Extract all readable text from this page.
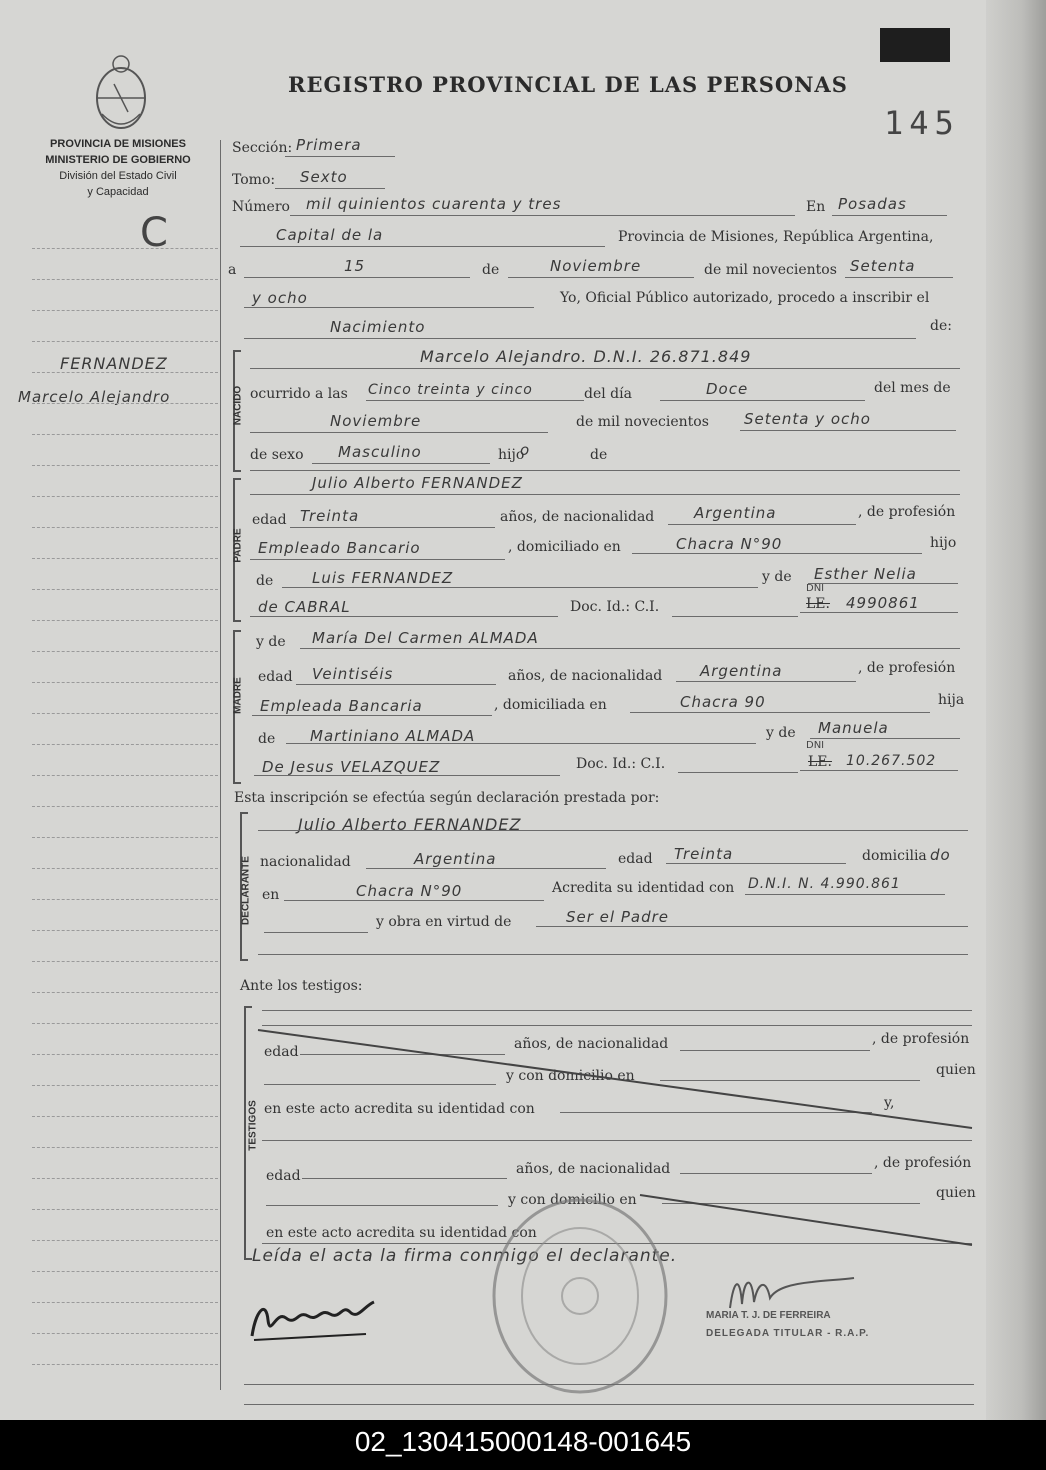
REGISTRO PROVINCIAL DE LAS PERSONAS
145
PROVINCIA DE MISIONES
MINISTERIO DE GOBIERNO
División del Estado Civil
y Capacidad
C
FERNANDEZ
Marcelo Alejandro
Sección: Primera
Tomo: Sexto
Número mil quinientos cuarenta y tres	En Posadas
Capital de la	Provincia de Misiones, República Argentina,
a	15	de	Noviembre	de mil novecientos Setenta
y ocho	Yo, Oficial Público autorizado, procedo a inscribir el
Nacimiento	de:
NACIDO
Marcelo Alejandro. D.N.I. 26.871.849
ocurrido a las Cinco treinta y cinco	del día	Doce	del mes de
Noviembre	de mil novecientos Setenta y ocho
de sexo Masculino	hijo
o	de
PADRE
Julio Alberto FERNANDEZ
edad Treinta	años, de nacionalidad	Argentina	, de profesión
Empleado Bancario	, domiciliado en	Chacra N°90	hijo
de	Luis FERNANDEZ	y de Esther Nelia
de CABRAL	Doc. Id.: C.I.
DNI
LE. 4990861
MADRE
y de María Del Carmen ALMADA
edad Veintiséis	años, de nacionalidad	Argentina	, de profesión
Empleada Bancaria	, domiciliada en	Chacra 90	hija
de Martiniano ALMADA	y de Manuela
De Jesus VELAZQUEZ	Doc. Id.: C.I.
DNI
LE. 10.267.502
Esta inscripción se efectúa según declaración prestada por:
DECLARANTE
Julio Alberto FERNANDEZ
nacionalidad	Argentina	edad Treinta	domicilia do
en	Chacra N°90	Acredita su identidad con D.N.I. N. 4.990.861
y obra en virtud de	Ser el Padre
Ante los testigos:
TESTIGOS
edad	años, de nacionalidad	, de profesión
y con domicilio en	quien
en este acto acredita su identidad con	y,
edad	años, de nacionalidad	, de profesión
y con domicilio en	quien
en este acto acredita su identidad con
Leída el acta la firma conmigo el declarante.
MARIA T. J. DE FERREIRA
DELEGADA TITULAR - R.A.P.
02_130415000148-001645
